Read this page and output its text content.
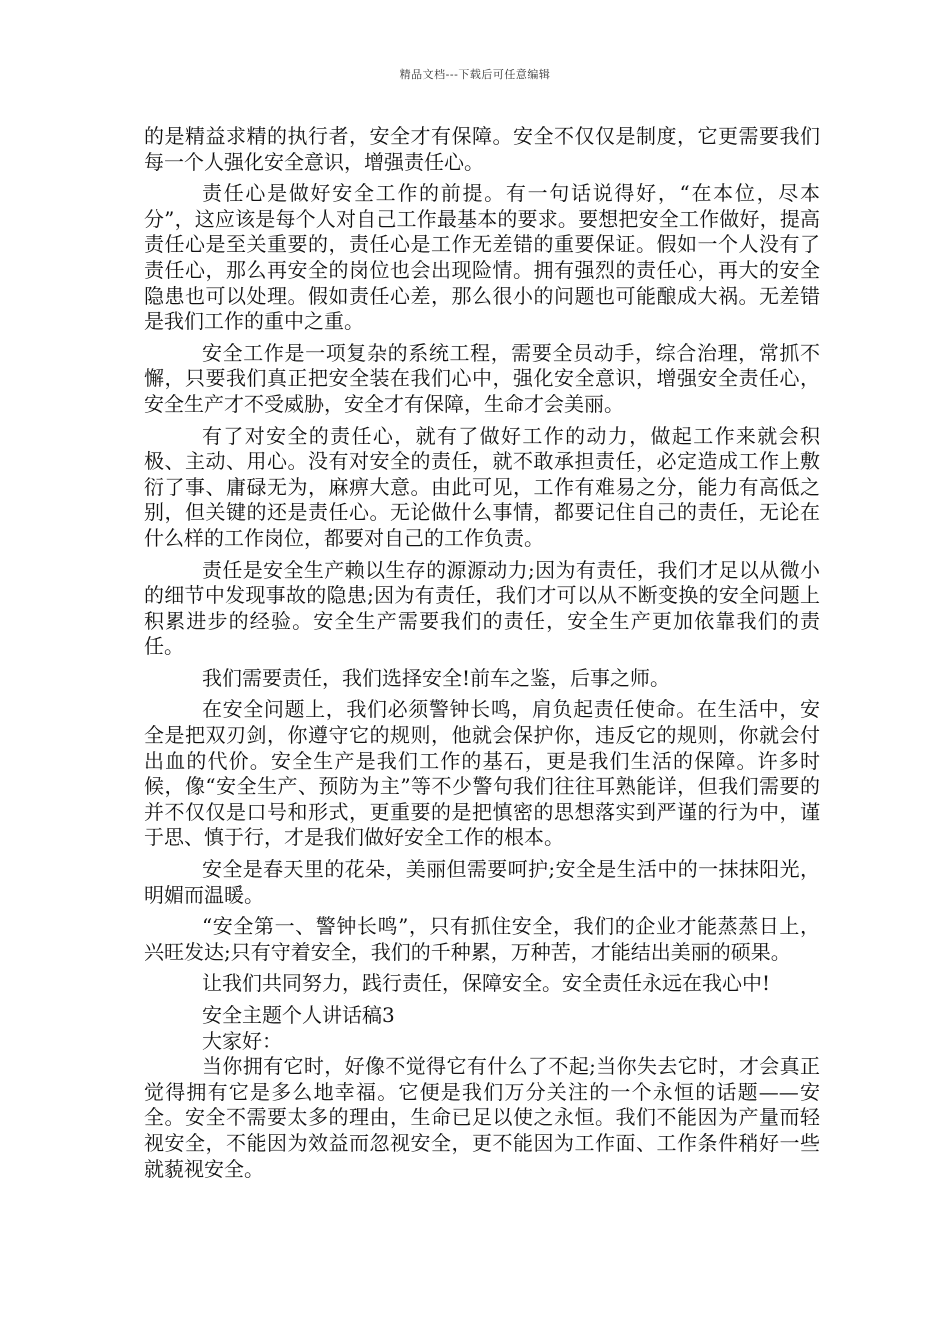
精品文档---下载后可任意编辑

的是精益求精的执行者，安全才有保障。安全不仅仅是制度，它更需要我们每一个人强化安全意识，增强责任心。

责任心是做好安全工作的前提。有一句话说得好，“在本位，尽本分”，这应该是每个人对自己工作最基本的要求。要想把安全工作做好，提高责任心是至关重要的，责任心是工作无差错的重要保证。假如一个人没有了责任心，那么再安全的岗位也会出现险情。拥有强烈的责任心，再大的安全隐患也可以处理。假如责任心差，那么很小的问题也可能酿成大祸。无差错是我们工作的重中之重。

安全工作是一项复杂的系统工程，需要全员动手，综合治理，常抓不懈，只要我们真正把安全装在我们心中，强化安全意识，增强安全责任心，安全生产才不受威胁，安全才有保障，生命才会美丽。

有了对安全的责任心，就有了做好工作的动力，做起工作来就会积极、主动、用心。没有对安全的责任，就不敢承担责任，必定造成工作上敷衍了事、庸碌无为，麻痹大意。由此可见，工作有难易之分，能力有高低之别，但关键的还是责任心。无论做什么事情，都要记住自己的责任，无论在什么样的工作岗位，都要对自己的工作负责。

责任是安全生产赖以生存的源源动力;因为有责任，我们才足以从微小的细节中发现事故的隐患;因为有责任，我们才可以从不断变换的安全问题上积累进步的经验。安全生产需要我们的责任，安全生产更加依靠我们的责任。

我们需要责任，我们选择安全!前车之鉴，后事之师。

在安全问题上，我们必须警钟长鸣，肩负起责任使命。在生活中，安全是把双刃剑，你遵守它的规则，他就会保护你，违反它的规则，你就会付出血的代价。安全生产是我们工作的基石，更是我们生活的保障。许多时候，像“安全生产、预防为主”等不少警句我们往往耳熟能详，但我们需要的并不仅仅是口号和形式，更重要的是把慎密的思想落实到严谨的行为中，谨于思、慎于行，才是我们做好安全工作的根本。

安全是春天里的花朵，美丽但需要呵护;安全是生活中的一抹抹阳光，明媚而温暖。

“安全第一、警钟长鸣”，只有抓住安全，我们的企业才能蒸蒸日上，兴旺发达;只有守着安全，我们的千种累，万种苦，才能结出美丽的硕果。

让我们共同努力，践行责任，保障安全。安全责任永远在我心中!

安全主题个人讲话稿3

大家好：

当你拥有它时，好像不觉得它有什么了不起;当你失去它时，才会真正觉得拥有它是多么地幸福。它便是我们万分关注的一个永恒的话题——安全。安全不需要太多的理由，生命已足以使之永恒。我们不能因为产量而轻视安全，不能因为效益而忽视安全，更不能因为工作面、工作条件稍好一些就藐视安全。
